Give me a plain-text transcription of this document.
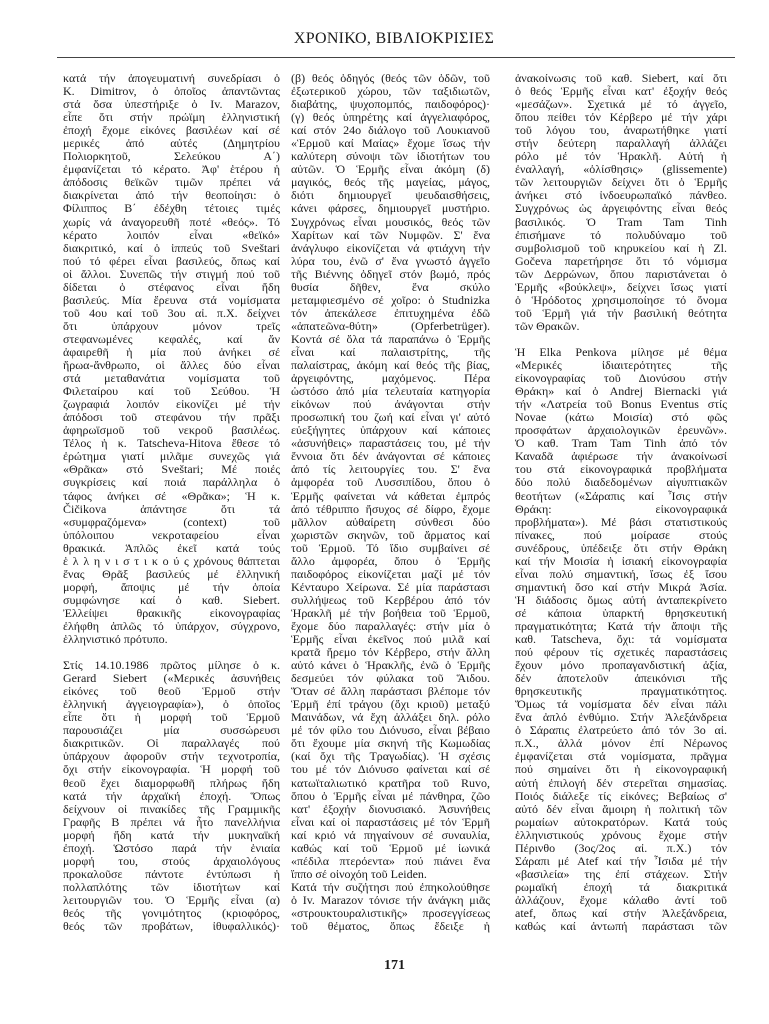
ΧΡΟΝΙΚΟ, ΒΙΒΛΙΟΚΡΙΣΙΕΣ
κατά τήν ἀπογευματινή συνεδρίασι ὁ
K. Dimitrov, ὁ ὁποῖος ἀπαντῶντας
στά ὅσα ὑπεστήριξε ὁ Iv. Marazov,
εἶπε ὅτι στήν πρώϊμη ἑλληνιστική
ἐποχή ἔχομε εἰκόνες βασιλέων καί σέ
μερικές ἀπό αὐτές (Δημητρίου
Πολιορκητοῦ, Σελεύκου Α΄)
ἐμφανίζεται τό κέρατο. Ἀφ' ἑτέρου ἡ
ἀπόδοσις θεϊκῶν τιμῶν πρέπει νά
διακρίνεται ἀπό τήν θεοποίησι: ὁ
Φίλιππος Β΄ ἐδέχθη τέτοιες τιμές
χωρίς νά ἀναγορευθῆ ποτέ «θεός». Τό
κέρατο λοιπόν εἶναι «θεϊκό»
διακριτικό, καί ὁ ἱππεύς τοῦ Sveštari
πού τό φέρει εἶναι βασιλεύς, ὅπως καί
οἱ ἄλλοι. Συνεπῶς τήν στιγμή πού τοῦ
δίδεται ὁ στέφανος εἶναι ἤδη
βασιλεύς. Μία ἔρευνα στά νομίσματα
τοῦ 4ου καί τοῦ 3ου αἰ. π.Χ. δείχνει
ὅτι ὑπάρχουν μόνον τρεῖς
στεφανωμένες κεφαλές, καί ἄν
ἀφαιρεθῆ ἡ μία πού ἀνήκει σέ
ἥρωα-ἄνθρωπο, οἱ ἄλλες δύο εἶναι
στά μεταθανάτια νομίσματα τοῦ
Φιλεταίρου καί τοῦ Σεύθου. Ἡ
ζωγραφιά λοιπόν εἰκονίζει μέ τήν
ἀπόδοσι τοῦ στεφάνου τήν πρᾶξι
ἀφηρωϊσμοῦ τοῦ νεκροῦ βασιλέως.
Τέλος ἡ κ. Tatscheva-Hitova ἔθεσε τό
ἐρώτημα γιατί μιλᾶμε συνεχῶς γιά
«Θρᾶκα» στό Sveštari; Μέ ποιές
συγκρίσεις καί ποιά παράλληλα ὁ
τάφος ἀνήκει σέ «Θρᾶκα»; Ἡ κ.
Čičikova ἀπάντησε ὅτι τά
«συμφραζόμενα» (context) τοῦ
ὑπόλοιπου νεκροταφείου εἶναι
θρακικά. Ἁπλῶς ἐκεῖ κατά τούς
ἑ λ λ η ν ι σ τ ι κ ο ύ ς χρόνους θάπτεται
ἕνας Θρᾶξ βασιλεύς μέ ἑλληνική
μορφή, ἄποψις μέ τήν ὁποία
συμφώνησε καί ὁ καθ. Siebert.
Ἐλλείψει θρακικῆς εἰκονογραφίας
ἐλήφθη ἁπλῶς τό ὑπάρχον, σύγχρονο,
ἑλληνιστικό πρότυπο.
Στίς 14.10.1986 πρῶτος μίλησε ὁ κ.
Gerard Siebert («Μερικές ἀσυνήθεις
εἰκόνες τοῦ θεοῦ Ἑρμοῦ στήν
ἑλληνική ἀγγειογραφία»), ὁ ὁποῖος
εἶπε ὅτι ἡ μορφή τοῦ Ἑρμοῦ
παρουσιάζει μία συσσώρευσι
διακριτικῶν. Οἱ παραλλαγές πού
ὑπάρχουν ἀφοροῦν στήν τεχνοτροπία,
ὄχι στήν εἰκονογραφία. Ἡ μορφή τοῦ
θεοῦ ἔχει διαμορφωθῆ πλήρως ἤδη
κατά τήν ἀρχαϊκή ἐποχή. Ὅπως
δείχνουν οἱ πινακίδες τῆς Γραμμικῆς
Γραφῆς Β πρέπει νά ἦτο πανελλήνια
μορφή ἤδη κατά τήν μυκηναϊκή
ἐποχή. Ὡστόσο παρά τήν ἑνιαία
μορφή του, στούς ἀρχαιολόγους
προκαλοῦσε πάντοτε ἐντύπωσι ἡ
πολλαπλότης τῶν ἰδιοτήτων καί
λειτουργιῶν του. Ὁ Ἑρμῆς εἶναι (α)
θεός τῆς γονιμότητος (κριοφόρος,
θεός τῶν προβάτων, ἰθυφαλλικός)·
(β) θεός ὁδηγός (θεός τῶν ὁδῶν, τοῦ
ἐξωτερικοῦ χώρου, τῶν ταξιδιωτῶν,
διαβάτης, ψυχοπομπός, παιδοφόρος)·
(γ) θεός ὑπηρέτης καί ἀγγελιαφόρος,
καί στόν 24ο διάλογο τοῦ Λουκιανοῦ
«Ἑρμοῦ καί Μαίας» ἔχομε ἴσως τήν
καλύτερη σύνοψι τῶν ἰδιοτήτων του
αὐτῶν. Ὁ Ἑρμῆς εἶναι ἀκόμη (δ)
μαγικός, θεός τῆς μαγείας, μάγος,
διότι δημιουργεῖ ψευδαισθήσεις,
κάνει φάρσες, δημιουργεῖ μυστήριο.
Συγχρόνως εἶναι μουσικός, θεός τῶν
Χαρίτων καί τῶν Νυμφῶν. Σ' ἕνα
ἀνάγλυφο εἰκονίζεται νά φτιάχνη τήν
λύρα του, ἐνῶ σ' ἕνα γνωστό ἀγγεῖο
τῆς Βιέννης ὁδηγεῖ στόν βωμό, πρός
θυσία δῆθεν, ἕνα σκύλο
μεταμφιεσμένο σέ χοῖρο: ὁ Studnizka
τόν ἀπεκάλεσε ἐπιτυχημένα ἐδῶ
«ἀπατεῶνα-θύτη» (Opferbetrüger).
Κοντά σέ ὅλα τά παραπάνω ὁ Ἑρμῆς
εἶναι καί παλαιστρίτης, τῆς
παλαίστρας, ἀκόμη καί θεός τῆς βίας,
ἀργειφόντης, μαχόμενος. Πέρα
ὡστόσο ἀπό μία τελευταία κατηγορία
εἰκόνων πού ἀνάγονται στήν
προσωπική του ζωή καί εἶναι γι' αὐτό
εὐεξήγητες ὑπάρχουν καί κάποιες
«ἀσυνήθεις» παραστάσεις του, μέ τήν
ἔννοια ὅτι δέν ἀνάγονται σέ κάποιες
ἀπό τίς λειτουργίες του. Σ' ἕνα
ἀμφορέα τοῦ Λυσσιπίδου, ὅπου ὁ
Ἑρμῆς φαίνεται νά κάθεται ἐμπρός
ἀπό τέθριππο ἥσυχος σέ δίφρο, ἔχομε
μᾶλλον αὐθαίρετη σύνθεσι δύο
χωριστῶν σκηνῶν, τοῦ ἅρματος καί
τοῦ Ἑρμοῦ. Τό ἴδιο συμβαίνει σέ
ἄλλο ἀμφορέα, ὅπου ὁ Ἑρμῆς
παιδοφόρος εἰκονίζεται μαζί μέ τόν
Κένταυρο Χείρωνα. Σέ μία παράστασι
συλλήψεως τοῦ Κερβέρου ἀπό τόν
Ἡρακλῆ μέ τήν βοήθεια τοῦ Ἑρμοῦ,
ἔχομε δύο παραλλαγές: στήν μία ὁ
Ἑρμῆς εἶναι ἐκεῖνος πού μιλᾶ καί
κρατᾶ ἤρεμο τόν Κέρβερο, στήν ἄλλη
αὐτό κάνει ὁ Ἡρακλῆς, ἐνῶ ὁ Ἑρμῆς
δεσμεύει τόν φύλακα τοῦ Ἅιδου.
Ὅταν σέ ἄλλη παράστασι βλέπομε τόν
Ἑρμῆ ἐπί τράγου (ὄχι κριοῦ) μεταξύ
Μαινάδων, νά ἔχη ἀλλάξει δηλ. ρόλο
μέ τόν φίλο του Διόνυσο, εἶναι βέβαιο
ὅτι ἔχουμε μία σκηνή τῆς Κωμωδίας
(καί ὄχι τῆς Τραγωδίας). Ἡ σχέσις
του μέ τόν Διόνυσο φαίνεται καί σέ
κατωϊταλιωτικό κρατῆρα τοῦ Ruvo,
ὅπου ὁ Ἑρμῆς εἶναι μέ πάνθηρα, ζῶο
κατ' ἐξοχήν διονυσιακό. Ἀσυνήθεις
εἶναι καί οἱ παραστάσεις μέ τόν Ἑρμῆ
καί κριό νά πηγαίνουν σέ συναυλία,
καθώς καί τοῦ Ἑρμοῦ μέ ἰωνικά
«πέδιλα πτερόεντα» πού πιάνει ἕνα
ἵππο σέ οἰνοχόη τοῦ Leiden.
Κατά τήν συζήτησι πού ἐπηκολούθησε
ὁ Iv. Marazov τόνισε τήν ἀνάγκη μιᾶς
«στρουκτουραλιστικῆς» προσεγγίσεως
τοῦ θέματος, ὅπως ἔδειξε ἡ
ἀνακοίνωσις τοῦ καθ. Siebert, καί ὅτι
ὁ θεός Ἑρμῆς εἶναι κατ' ἐξοχήν θεός
«μεσάζων». Σχετικά μέ τό ἀγγεῖο,
ὅπου πείθει τόν Κέρβερο μέ τήν χάρι
τοῦ λόγου του, ἀναρωτήθηκε γιατί
στήν δεύτερη παραλλαγή ἀλλάζει
ρόλο μέ τόν Ἡρακλῆ. Αὐτή ἡ
ἐναλλαγή, «ὀλίσθησις» (glissemente)
τῶν λειτουργιῶν δείχνει ὅτι ὁ Ἑρμῆς
ἀνήκει στό ἰνδοευρωπαϊκό πάνθεο.
Συγχρόνως ὡς ἀργειφόντης εἶναι θεός
βασιλικός. Ὁ Tram Tam Tinh
ἐπισήμανε τό πολυδύναμο τοῦ
συμβολισμοῦ τοῦ κηρυκείου καί ἡ Zl.
Gočeva παρετήρησε ὅτι τό νόμισμα
τῶν Δερρώνων, ὅπου παριστάνεται ὁ
Ἑρμῆς «βούκλεψ», δείχνει ἴσως γιατί
ὁ Ἡρόδοτος χρησιμοποίησε τό ὄνομα
τοῦ Ἑρμῆ γιά τήν βασιλική θεότητα
τῶν Θρακῶν.
Ἡ Elka Penkova μίλησε μέ θέμα
«Μερικές ἰδιαιτερότητες τῆς
εἰκονογραφίας τοῦ Διονύσου στήν
Θράκη» καί ὁ Andrej Biernacki γιά
τήν «Λατρεία τοῦ Bonus Eventus στίς
Novae (κάτω Μοισία) στό φῶς
προσφάτων ἀρχαιολογικῶν ἐρευνῶν».
Ὁ καθ. Tram Tam Tinh ἀπό τόν
Καναδᾶ ἀφιέρωσε τήν ἀνακοίνωσί
του στά εἰκονογραφικά προβλήματα
δύο πολύ διαδεδομένων αἰγυπτιακῶν
θεοτήτων («Σάραπις καί Ἶσις στήν
Θράκη: εἰκονογραφικά
προβλήματα»). Μέ βάσι στατιστικούς
πίνακες, πού μοίρασε στούς
συνέδρους, ὑπέδειξε ὅτι στήν Θράκη
καί τήν Μοισία ἡ ἰσιακή εἰκονογραφία
εἶναι πολύ σημαντική, ἴσως ἐξ ἴσου
σημαντική ὅσο καί στήν Μικρά Ἀσία.
Ἡ διάδοσις ὅμως αὐτή ἀνταπεκρίνετο
σέ κάποια ὑπαρκτή θρησκευτική
πραγματικότητα; Κατά τήν ἄποψι τῆς
καθ. Tatscheva, ὄχι: τά νομίσματα
πού φέρουν τίς σχετικές παραστάσεις
ἔχουν μόνο προπαγανδιστική ἀξία,
δέν ἀποτελοῦν ἀπεικόνισι τῆς
θρησκευτικῆς πραγματικότητος.
Ὅμως τά νομίσματα δέν εἶναι πάλι
ἕνα ἁπλό ἐνθύμιο. Στήν Ἀλεξάνδρεια
ὁ Σάραπις ἐλατρεύετο ἀπό τόν 3ο αἰ.
π.Χ., ἀλλά μόνον ἐπί Νέρωνος
ἐμφανίζεται στά νομίσματα, πρᾶγμα
πού σημαίνει ὅτι ἡ εἰκονογραφική
αὐτή ἐπιλογή δέν στερεῖται σημασίας.
Ποιός διάλεξε τίς εἰκόνες; Βεβαίως σ'
αὐτό δέν εἶναι ἄμοιρη ἡ πολιτική τῶν
ρωμαίων αὐτοκρατόρων. Κατά τούς
ἑλληνιστικούς χρόνους ἔχομε στήν
Πέρινθο (3ος/2ος αἰ. π.Χ.) τόν
Σάραπι μέ Atef καί τήν Ἶσιδα μέ τήν
«βασιλεία» της ἐπί στάχεων. Στήν
ρωμαϊκή ἐποχή τά διακριτικά
ἀλλάζουν, ἔχομε κάλαθο ἀντί τοῦ
atef, ὅπως καί στήν Ἀλεξάνδρεια,
καθώς καί ἀντωπή παράστασι τῶν
171
